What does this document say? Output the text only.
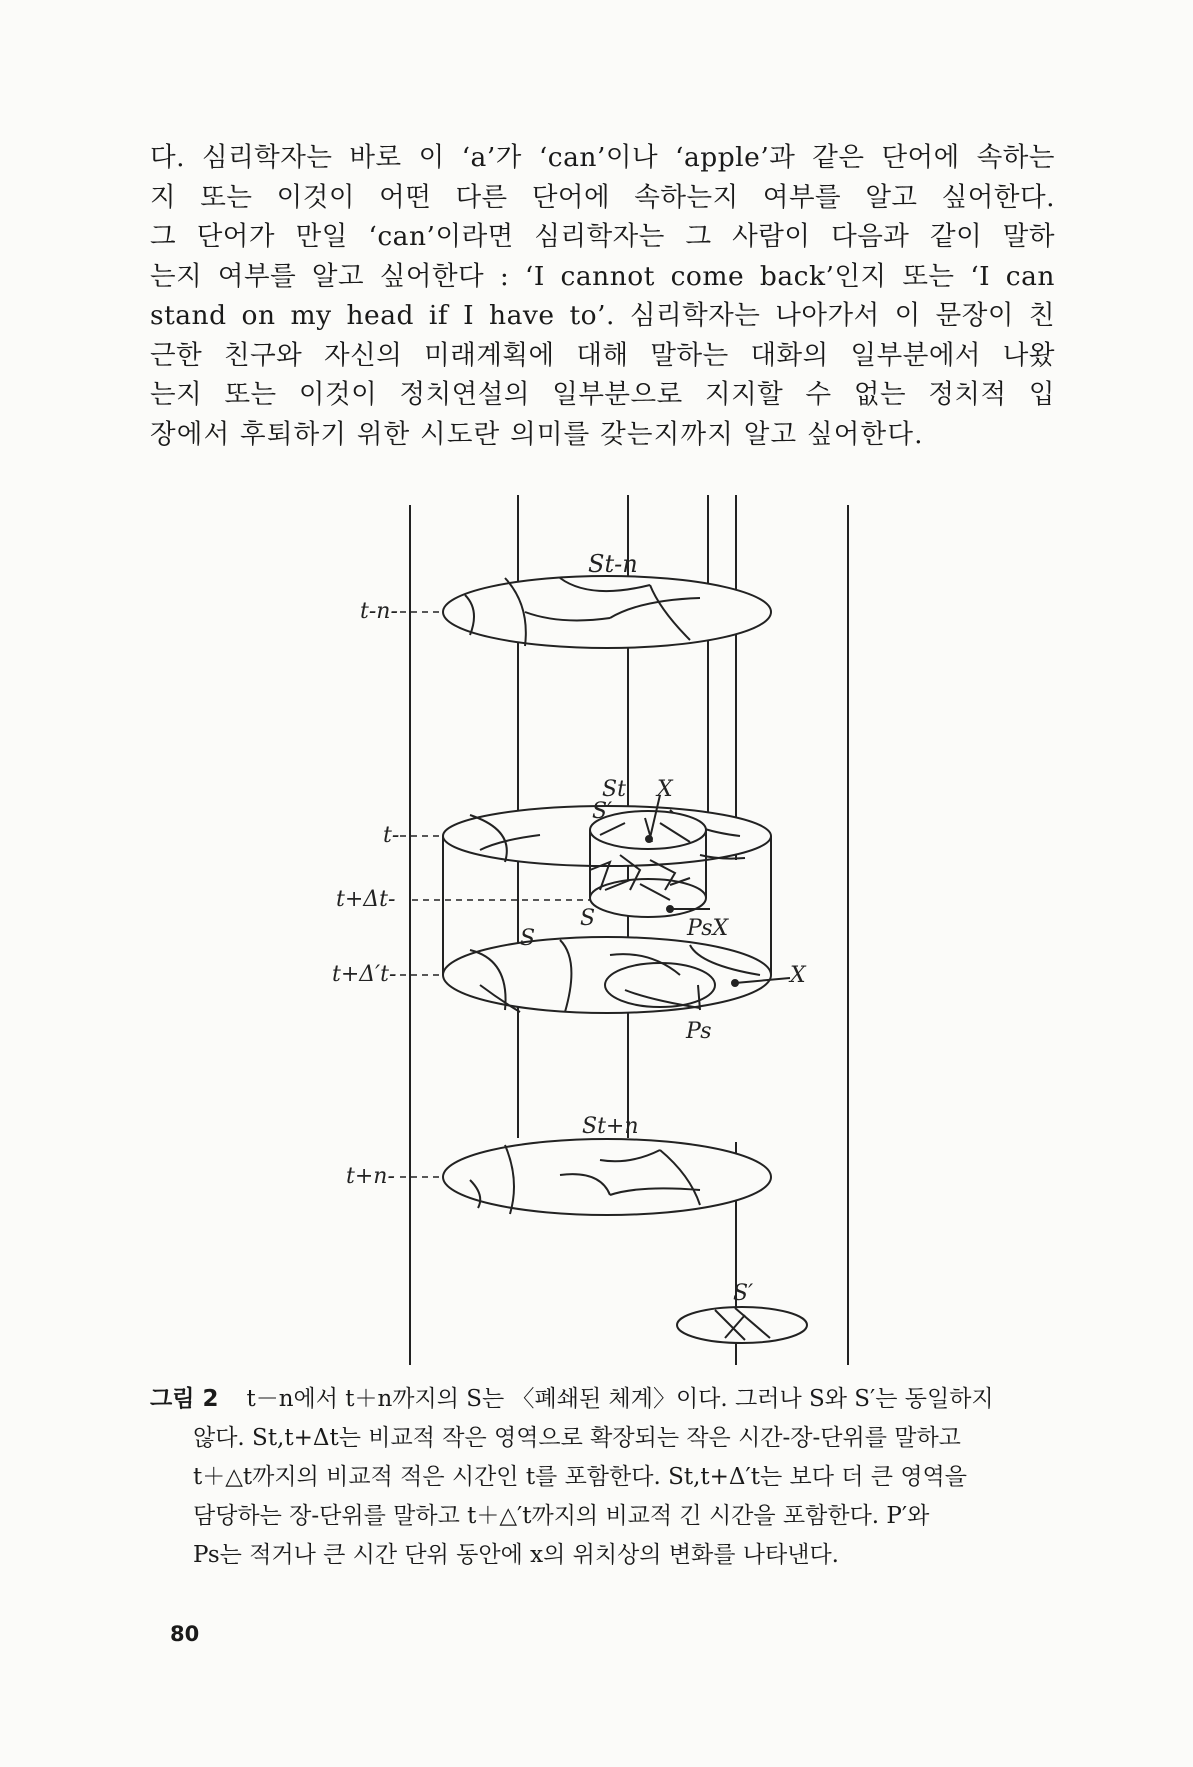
다. 심리학자는 바로 이 ‘a’가 ‘can’이나 ‘apple’과 같은 단어에 속하는
지 또는 이것이 어떤 다른 단어에 속하는지 여부를 알고 싶어한다.
그 단어가 만일 ‘can’이라면 심리학자는 그 사람이 다음과 같이 말하
는지 여부를 알고 싶어한다 : ‘I cannot come back’인지 또는 ‘I can
stand on my head if I have to’. 심리학자는 나아가서 이 문장이 친
근한 친구와 자신의 미래계획에 대해 말하는 대화의 일부분에서 나왔
는지 또는 이것이 정치연설의 일부분으로 지지할 수 없는 정치적 입
장에서 후퇴하기 위한 시도란 의미를 갖는지까지 알고 싶어한다.
t-n-
St-n
t-
t+Δt-
t+Δ′t-
t+n-
St
S′
X
S
S	PsX
X
Ps
St+n
S′
그림 2 t－n에서 t＋n까지의 S는 〈폐쇄된 체계〉이다. 그러나 S와 S′는 동일하지
않다. St,t+Δt는 비교적 작은 영역으로 확장되는 작은 시간-장-단위를 말하고
t＋△t까지의 비교적 적은 시간인 t를 포함한다. St,t+Δ′t는 보다 더 큰 영역을
담당하는 장-단위를 말하고 t＋△′t까지의 비교적 긴 시간을 포함한다. P′와
Ps는 적거나 큰 시간 단위 동안에 x의 위치상의 변화를 나타낸다.
80
